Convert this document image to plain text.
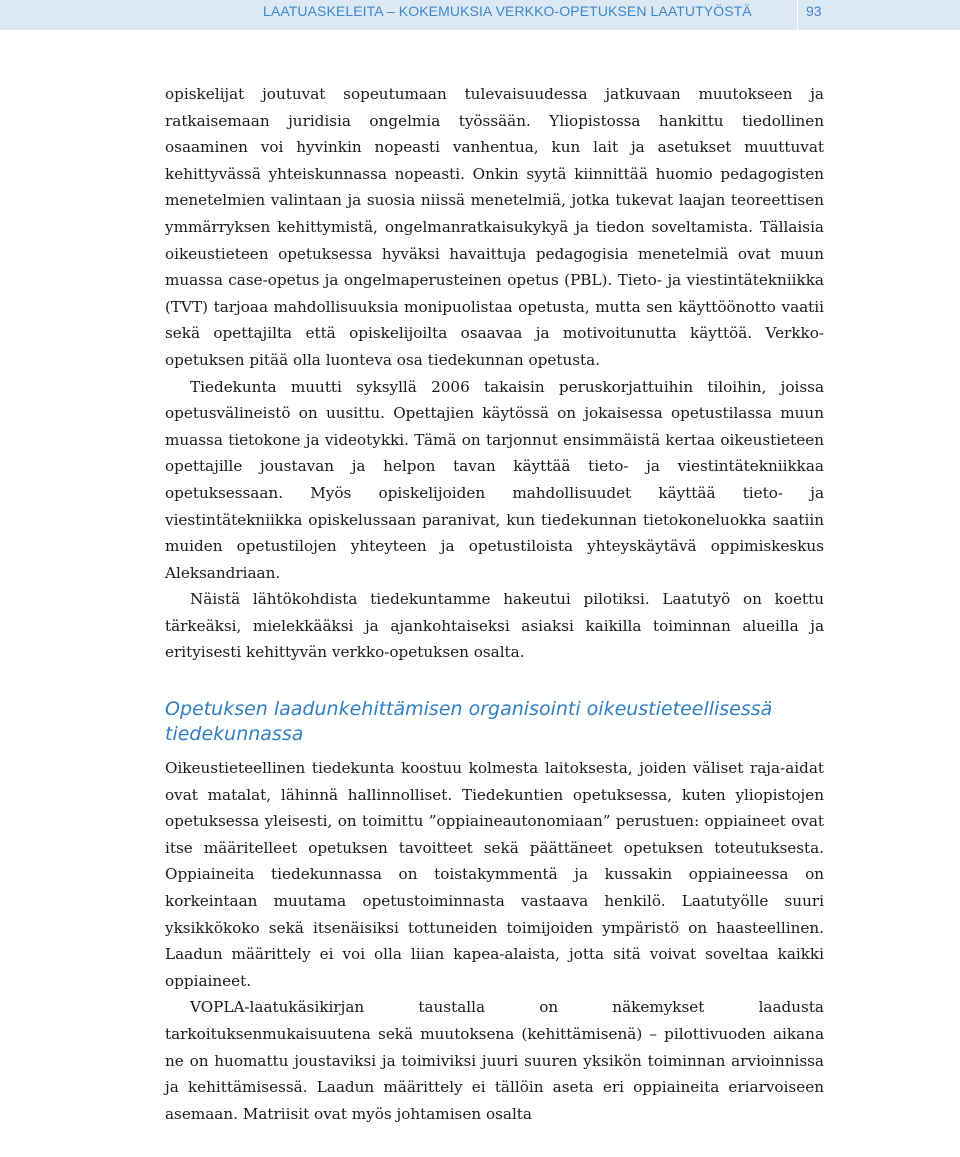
LAATUASKELEITA – KOKEMUKSIA VERKKO-OPETUKSEN LAATUTYÖSTÄ	93

opiskelijat joutuvat sopeutumaan tulevaisuudessa jatkuvaan muutokseen ja ratkaisemaan juridisia ongelmia työssään. Yliopistossa hankittu tiedollinen osaaminen voi hyvinkin nopeasti vanhentua, kun lait ja asetukset muuttuvat kehittyvässä yhteiskunnassa nopeasti. Onkin syytä kiinnittää huomio pedagogisten menetelmien valintaan ja suosia niissä menetelmiä, jotka tukevat laajan teoreettisen ymmärryksen kehittymistä, ongelmanratkaisukykyä ja tiedon soveltamista. Tällaisia oikeustieteen opetuksessa hyväksi havaittuja pedagogisia menetelmiä ovat muun muassa case-opetus ja ongelmaperusteinen opetus (PBL). Tieto- ja viestintätekniikka (TVT) tarjoaa mahdollisuuksia monipuolistaa opetusta, mutta sen käyttöönotto vaatii sekä opettajilta että opiskelijoilta osaavaa ja motivoitunutta käyttöä. Verkko-opetuksen pitää olla luonteva osa tiedekunnan opetusta.

Tiedekunta muutti syksyllä 2006 takaisin peruskorjattuihin tiloihin, joissa opetusvälineistö on uusittu. Opettajien käytössä on jokaisessa opetustilassa muun muassa tietokone ja videotykki. Tämä on tarjonnut ensimmäistä kertaa oikeustieteen opettajille joustavan ja helpon tavan käyttää tieto- ja viestintätekniikkaa opetuksessaan. Myös opiskelijoiden mahdollisuudet käyttää tieto- ja viestintätekniikka opiskelussaan paranivat, kun tiedekunnan tietokoneluokka saatiin muiden opetustilojen yhteyteen ja opetustiloista yhteyskäytävä oppimiskeskus Aleksandriaan.

Näistä lähtökohdista tiedekuntamme hakeutui pilotiksi. Laatutyö on koettu tärkeäksi, mielekkääksi ja ajankohtaiseksi asiaksi kaikilla toiminnan alueilla ja erityisesti kehittyvän verkko-opetuksen osalta.

Opetuksen laadunkehittämisen organisointi oikeustieteellisessä tiedekunnassa

Oikeustieteellinen tiedekunta koostuu kolmesta laitoksesta, joiden väliset raja-aidat ovat matalat, lähinnä hallinnolliset. Tiedekuntien opetuksessa, kuten yliopistojen opetuksessa yleisesti, on toimittu ”oppiaineautonomiaan” perustuen: oppiaineet ovat itse määritelleet opetuksen tavoitteet sekä päättäneet opetuksen toteutuksesta. Oppiaineita tiedekunnassa on toistakymmentä ja kussakin oppiaineessa on korkeintaan muutama opetustoiminnasta vastaava henkilö. Laatutyölle suuri yksikkökoko sekä itsenäisiksi tottuneiden toimijoiden ympäristö on haasteellinen. Laadun määrittely ei voi olla liian kapea-alaista, jotta sitä voivat soveltaa kaikki oppiaineet.

VOPLA-laatukäsikirjan taustalla on näkemykset laadusta tarkoituksenmukaisuutena sekä muutoksena (kehittämisenä) – pilottivuoden aikana ne on huomattu joustaviksi ja toimiviksi juuri suuren yksikön toiminnan arvioinnissa ja kehittämisessä. Laadun määrittely ei tällöin aseta eri oppiaineita eriarvoiseen asemaan. Matriisit ovat myös johtamisen osalta
